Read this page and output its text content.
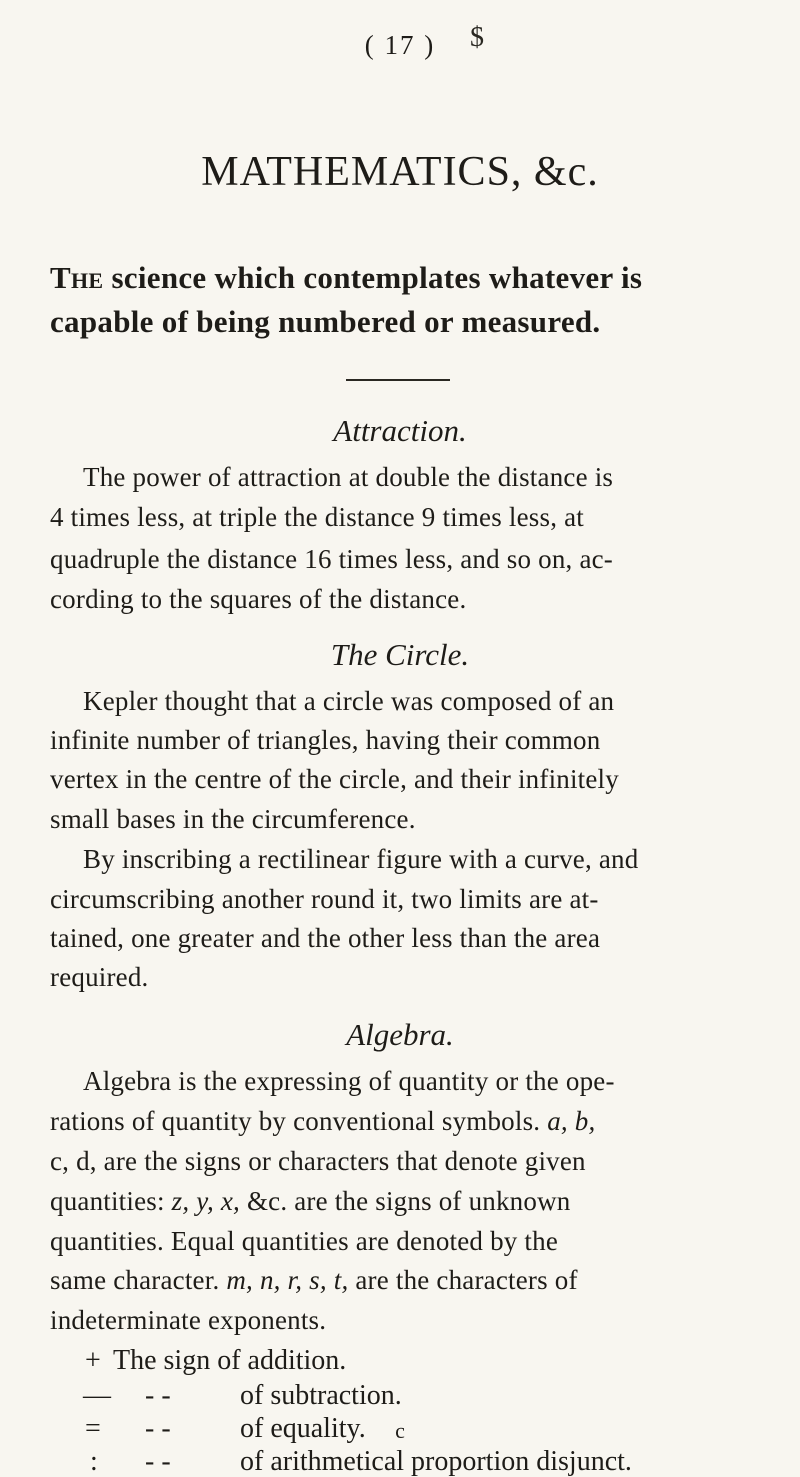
( 17 )	$
MATHEMATICS, &c.
The science which contemplates whatever is
capable of being numbered or measured.
Attraction.
The power of attraction at double the distance is
4 times less, at triple the distance 9 times less, at
quadruple the distance 16 times less, and so on, ac-
cording to the squares of the distance.
The Circle.
Kepler thought that a circle was composed of an
infinite number of triangles, having their common
vertex in the centre of the circle, and their infinitely
small bases in the circumference.
By inscribing a rectilinear figure with a curve, and
circumscribing another round it, two limits are at-
tained, one greater and the other less than the area
required.
Algebra.
Algebra is the expressing of quantity or the ope-
rations of quantity by conventional symbols. a, b,
c, d, are the signs or characters that denote given
quantities: z, y, x, &c. are the signs of unknown
quantities. Equal quantities are denoted by the
same character. m, n, r, s, t, are the characters of
indeterminate exponents.
+ The sign of addition.
— - - of subtraction.
= - - of equality.
: - - of arithmetical proportion disjunct.
c
